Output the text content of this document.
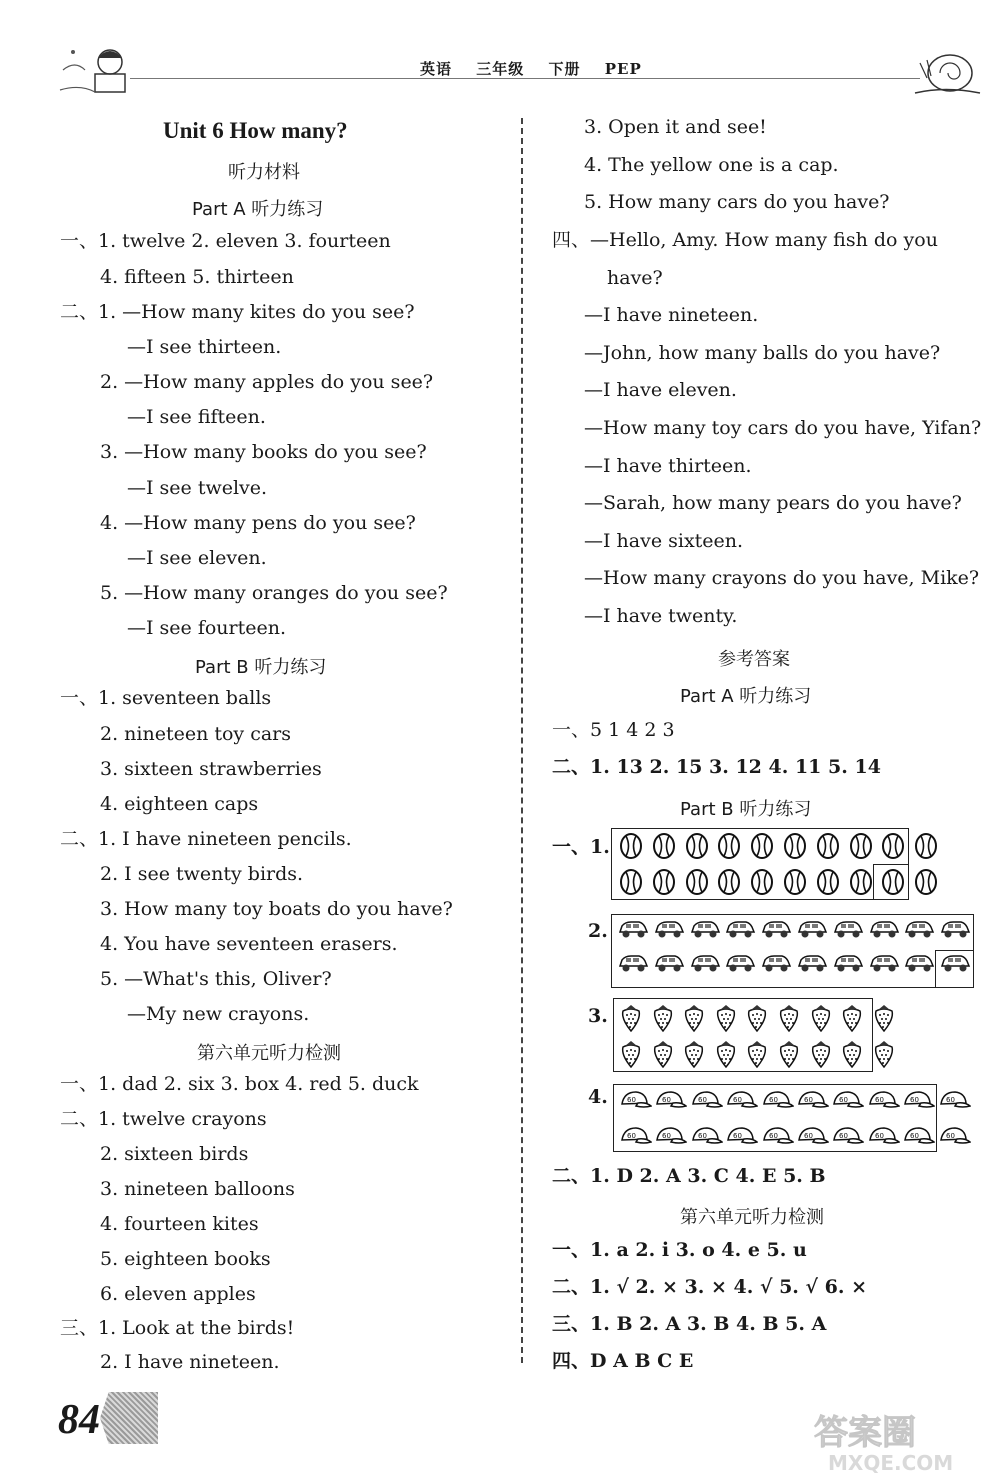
英语 三年级 下册 PEP
Unit 6 How many?
听力材料
Part A 听力练习
Part B 听力练习
第六单元听力检测
一、1. twelve 2. eleven 3. fourteen
4. fifteen 5. thirteen
二、1. —How many kites do you see?
—I see thirteen.
2. —How many apples do you see?
—I see fifteen.
3. —How many books do you see?
—I see twelve.
4. —How many pens do you see?
—I see eleven.
5. —How many oranges do you see?
—I see fourteen.
一、1. seventeen balls
2. nineteen toy cars
3. sixteen strawberries
4. eighteen caps
二、1. I have nineteen pencils.
2. I see twenty birds.
3. How many toy boats do you have?
4. You have seventeen erasers.
5. —What's this, Oliver?
—My new crayons.
一、1. dad 2. six 3. box 4. red 5. duck
二、1. twelve crayons
2. sixteen birds
3. nineteen balloons
4. fourteen kites
5. eighteen books
6. eleven apples
三、1. Look at the birds!
2. I have nineteen.
参考答案
Part A 听力练习
Part B 听力练习
第六单元听力检测
3. Open it and see!
4. The yellow one is a cap.
5. How many cars do you have?
四、—Hello, Amy. How many fish do you
have?
—I have nineteen.
—John, how many balls do you have?
—I have eleven.
—How many toy cars do you have, Yifan?
—I have thirteen.
—Sarah, how many pears do you have?
—I have sixteen.
—How many crayons do you have, Mike?
—I have twenty.
一、5 1 4 2 3
二、1. 13 2. 15 3. 12 4. 11 5. 14
一、1.
2.
3.
4.
二、1. D 2. A 3. C 4. E 5. B
一、1. a 2. i 3. o 4. e 5. u
二、1. √ 2. × 3. × 4. √ 5. √ 6. ×
三、1. B 2. A 3. B 4. B 5. A
四、D A B C E
60	60	60	60	60	60	60	60	60	60
60	60	60	60	60	60	60	60	60	60
84	答案圈
MXQE.COM
